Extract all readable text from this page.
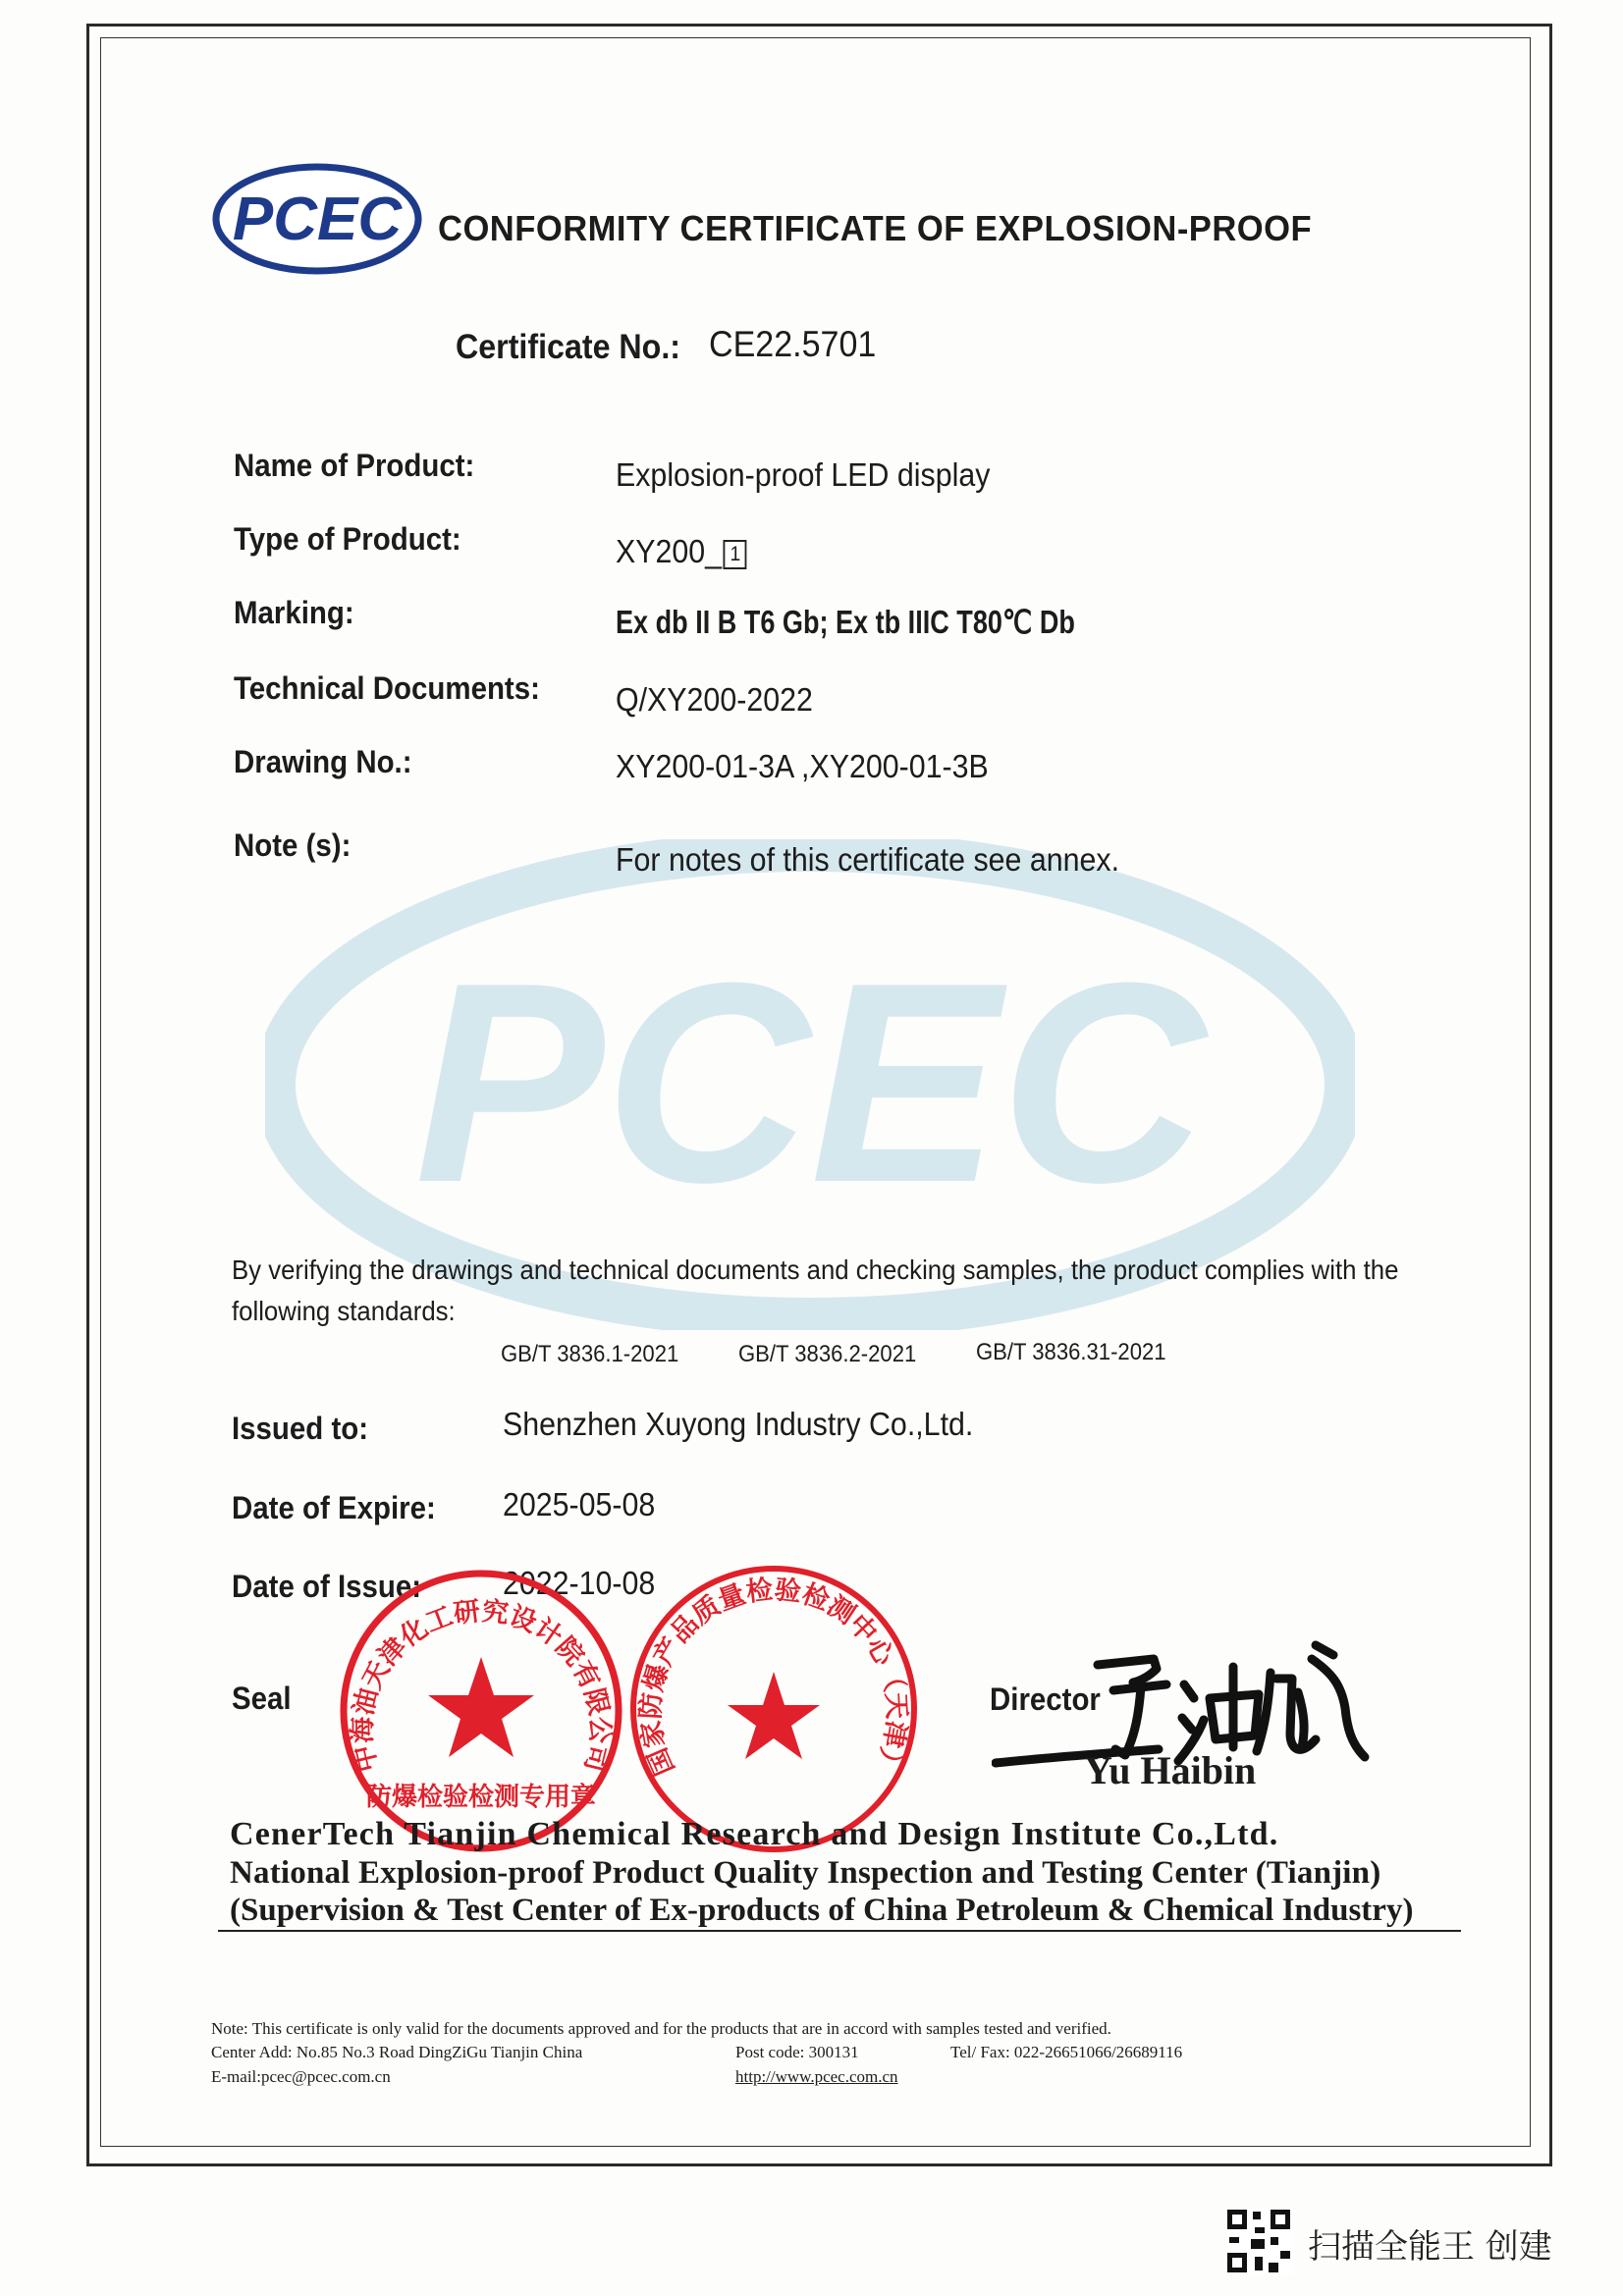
PCEC
PCEC CONFORMITY CERTIFICATE OF EXPLOSION-PROOF
Certificate No.: CE22.5701
Name of Product:	Explosion-proof LED display
Type of Product:	XY200_ 1
Marking:	Ex db II B T6 Gb; Ex tb IIIC T80℃ Db
Technical Documents: Q/XY200-2022
Drawing No.:	XY200-01-3A ,XY200-01-3B
Note (s):	For notes of this certificate see annex.
By verifying the drawings and technical documents and checking samples, the product complies with the
following standards:
GB/T 3836.1-2021	GB/T 3836.2-2021	GB/T 3836.31-2021
Issued to:	Shenzhen Xuyong Industry Co.,Ltd.
Date of Expire: 2025-05-08
Date of Issue:	2022-10-08
Seal
中海油天津化工研究设计院有限公司
防爆检验检测专用章
国家防爆产品质量检验检测中心（天津）
Director
Yu Haibin
CenerTech Tianjin Chemical Research and Design Institute Co.,Ltd.
National Explosion-proof Product Quality Inspection and Testing Center (Tianjin)
(Supervision & Test Center of Ex-products of China Petroleum & Chemical Industry)
Note: This certificate is only valid for the documents approved and for the products that are in accord with samples tested and verified.
Center Add: No.85 No.3 Road DingZiGu Tianjin China	Post code: 300131	Tel/ Fax: 022-26651066/26689116
E-mail:pcec@pcec.com.cn	http://www.pcec.com.cn
扫描全能王 创建
